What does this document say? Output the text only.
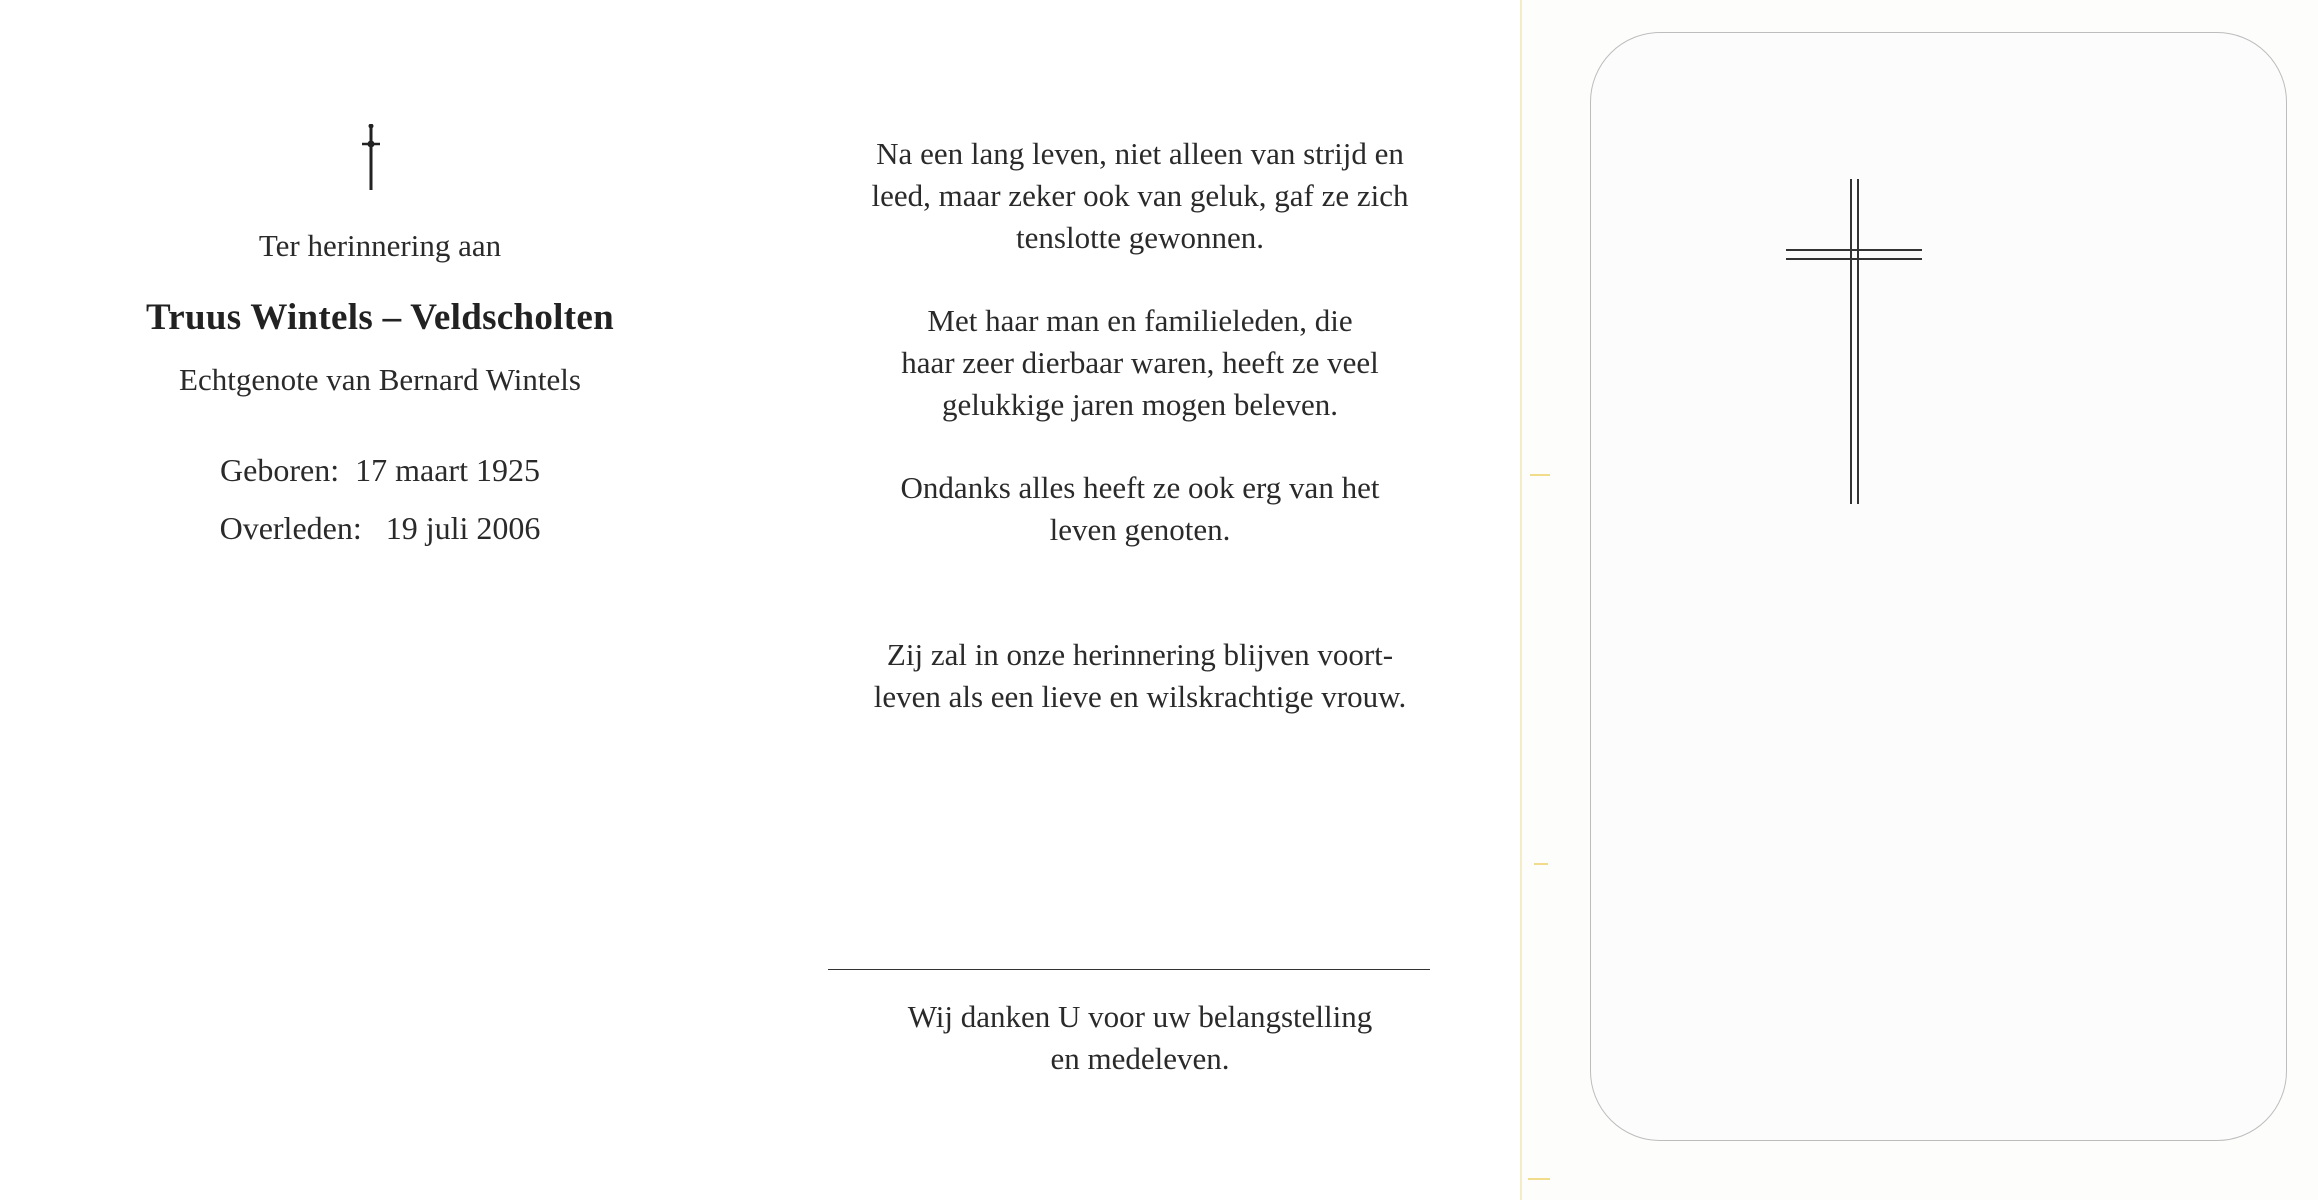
Ter herinnering aan
Truus Wintels – Veldscholten
Echtgenote van Bernard Wintels
Geboren:  17 maart 1925
Overleden:   19 juli 2006
Na een lang leven, niet alleen van strijd en
leed, maar zeker ook van geluk, gaf ze zich
tenslotte gewonnen.
Met haar man en familieleden, die
haar zeer dierbaar waren, heeft ze veel
gelukkige jaren mogen beleven.
Ondanks alles heeft ze ook erg van het
leven genoten.
Zij zal in onze herinnering blijven voort-
leven als een lieve en wilskrachtige vrouw.
Wij danken U voor uw belangstelling
en medeleven.
